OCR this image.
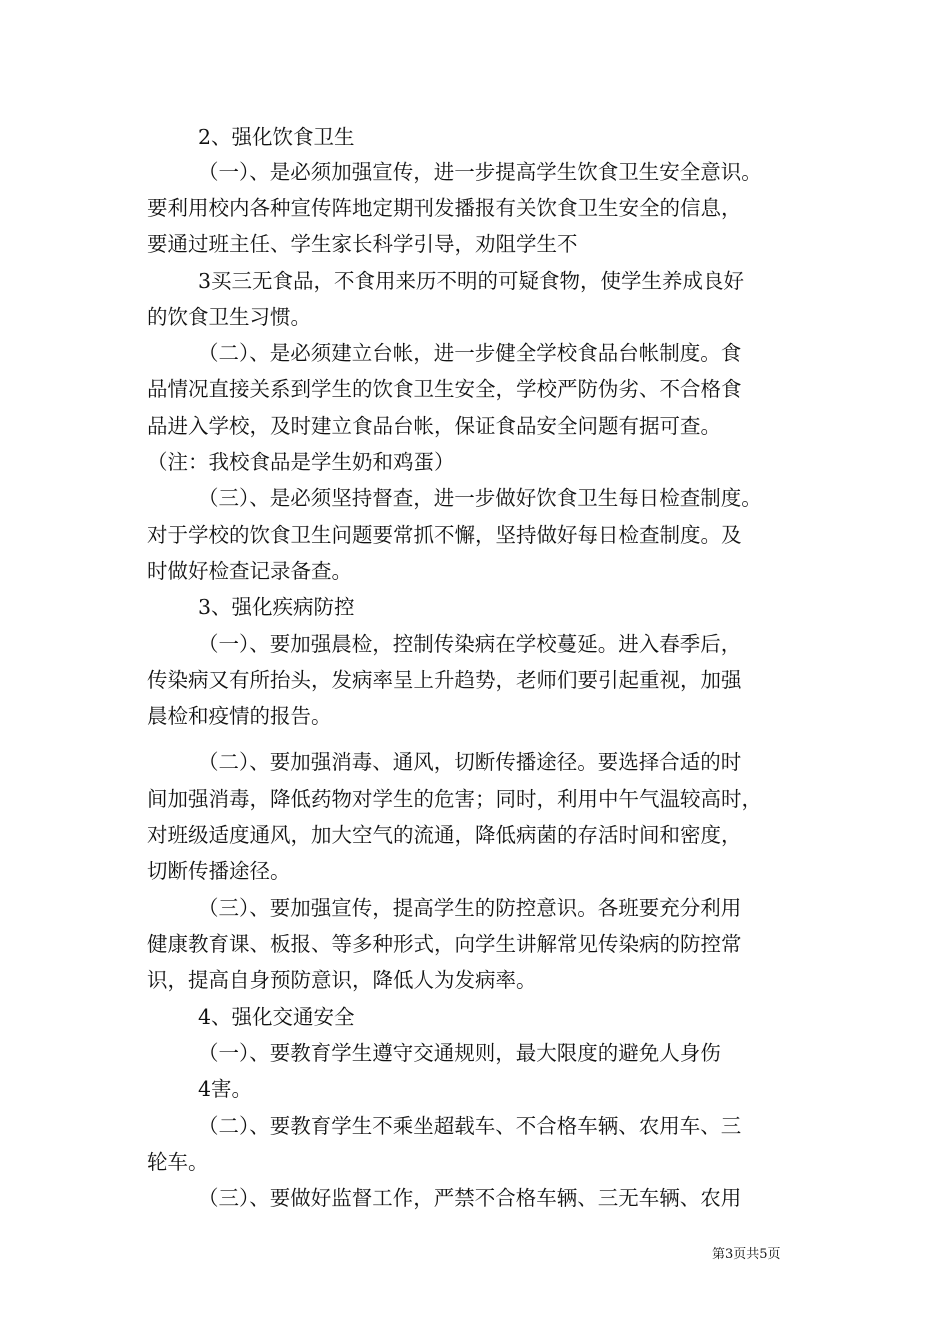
2、强化饮食卫生
（一）、是必须加强宣传，进一步提高学生饮食卫生安全意识。
要利用校内各种宣传阵地定期刊发播报有关饮食卫生安全的信息，
要通过班主任、学生家长科学引导，劝阻学生不
3买三无食品，不食用来历不明的可疑食物，使学生养成良好
的饮食卫生习惯。
（二）、是必须建立台帐，进一步健全学校食品台帐制度。食
品情况直接关系到学生的饮食卫生安全，学校严防伪劣、不合格食
品进入学校，及时建立食品台帐，保证食品安全问题有据可查。
（注：我校食品是学生奶和鸡蛋）
（三）、是必须坚持督查，进一步做好饮食卫生每日检查制度。
对于学校的饮食卫生问题要常抓不懈，坚持做好每日检查制度。及
时做好检查记录备查。
3、强化疾病防控
（一）、要加强晨检，控制传染病在学校蔓延。进入春季后，
传染病又有所抬头，发病率呈上升趋势，老师们要引起重视，加强
晨检和疫情的报告。
（二）、要加强消毒、通风，切断传播途径。要选择合适的时
间加强消毒，降低药物对学生的危害；同时，利用中午气温较高时，
对班级适度通风，加大空气的流通，降低病菌的存活时间和密度，
切断传播途径。
（三）、要加强宣传，提高学生的防控意识。各班要充分利用
健康教育课、板报、等多种形式，向学生讲解常见传染病的防控常
识，提高自身预防意识，降低人为发病率。
4、强化交通安全
（一）、要教育学生遵守交通规则，最大限度的避免人身伤
4害。
（二）、要教育学生不乘坐超载车、不合格车辆、农用车、三
轮车。
（三）、要做好监督工作，严禁不合格车辆、三无车辆、农用
第3页共5页
